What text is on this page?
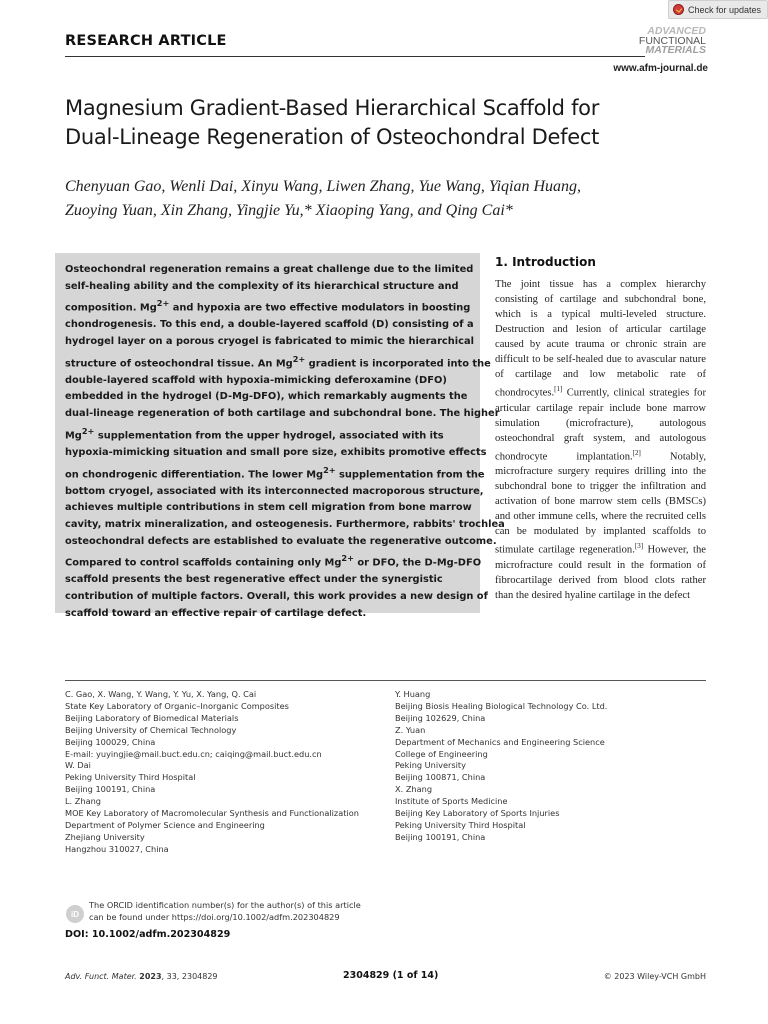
Check for updates
RESEARCH ARTICLE
ADVANCED
FUNCTIONAL
MATERIALS
www.afm-journal.de
Magnesium Gradient-Based Hierarchical Scaffold for
Dual-Lineage Regeneration of Osteochondral Defect
Chenyuan Gao, Wenli Dai, Xinyu Wang, Liwen Zhang, Yue Wang, Yiqian Huang,
Zuoying Yuan, Xin Zhang, Yingjie Yu,* Xiaoping Yang, and Qing Cai*
Osteochondral regeneration remains a great challenge due to the limited
self-healing ability and the complexity of its hierarchical structure and
composition. $Mg^{2+}$ and hypoxia are two effective modulators in boosting
chondrogenesis. To this end, a double-layered scaffold (D) consisting of a
hydrogel layer on a porous cryogel is fabricated to mimic the hierarchical
structure of osteochondral tissue. An $Mg^{2+}$ gradient is incorporated into the
double-layered scaffold with hypoxia-mimicking deferoxamine (DFO)
embedded in the hydrogel (D-Mg-DFO), which remarkably augments the
dual-lineage regeneration of both cartilage and subchondral bone. The higher
$Mg^{2+}$ supplementation from the upper hydrogel, associated with its
hypoxia-mimicking situation and small pore size, exhibits promotive effects
on chondrogenic differentiation. The lower $Mg^{2+}$ supplementation from the
bottom cryogel, associated with its interconnected macroporous structure,
achieves multiple contributions in stem cell migration from bone marrow
cavity, matrix mineralization, and osteogenesis. Furthermore, rabbits' trochlea
osteochondral defects are established to evaluate the regenerative outcome.
Compared to control scaffolds containing only $Mg^{2+}$ or DFO, the D-Mg-DFO
scaffold presents the best regenerative effect under the synergistic
contribution of multiple factors. Overall, this work provides a new design of
scaffold toward an effective repair of cartilage defect.
1. Introduction
The joint tissue has a complex hierarchy consisting of cartilage and subchondral bone, which is a typical multi-leveled structure. Destruction and lesion of articular cartilage caused by acute trauma or chronic strain are difficult to be self-healed due to avascular nature of cartilage and low metabolic rate of chondrocytes.[1] Currently, clinical strategies for articular cartilage repair include bone marrow simulation (microfracture), autologous osteochondral graft system, and autologous chondrocyte implantation.[2] Notably, microfracture surgery requires drilling into the subchondral bone to trigger the infiltration and activation of bone marrow stem cells (BMSCs) and other immune cells, where the recruited cells can be modulated by implanted scaffolds to stimulate cartilage regeneration.[3] However, the microfracture could result in the formation of fibrocartilage derived from blood clots rather than the desired hyaline cartilage in the defect
C. Gao, X. Wang, Y. Wang, Y. Yu, X. Yang, Q. Cai
State Key Laboratory of Organic–Inorganic Composites
Beijing Laboratory of Biomedical Materials
Beijing University of Chemical Technology
Beijing 100029, China
E-mail: yuyingjie@mail.buct.edu.cn; caiqing@mail.buct.edu.cn
W. Dai
Peking University Third Hospital
Beijing 100191, China
L. Zhang
MOE Key Laboratory of Macromolecular Synthesis and Functionalization
Department of Polymer Science and Engineering
Zhejiang University
Hangzhou 310027, China
Y. Huang
Beijing Biosis Healing Biological Technology Co. Ltd.
Beijing 102629, China
Z. Yuan
Department of Mechanics and Engineering Science
College of Engineering
Peking University
Beijing 100871, China
X. Zhang
Institute of Sports Medicine
Beijing Key Laboratory of Sports Injuries
Peking University Third Hospital
Beijing 100191, China
iD
The ORCID identification number(s) for the author(s) of this article
can be found under https://doi.org/10.1002/adfm.202304829
DOI: 10.1002/adfm.202304829
Adv. Funct. Mater. 2023, 33, 2304829	2304829 (1 of 14)	© 2023 Wiley-VCH GmbH
